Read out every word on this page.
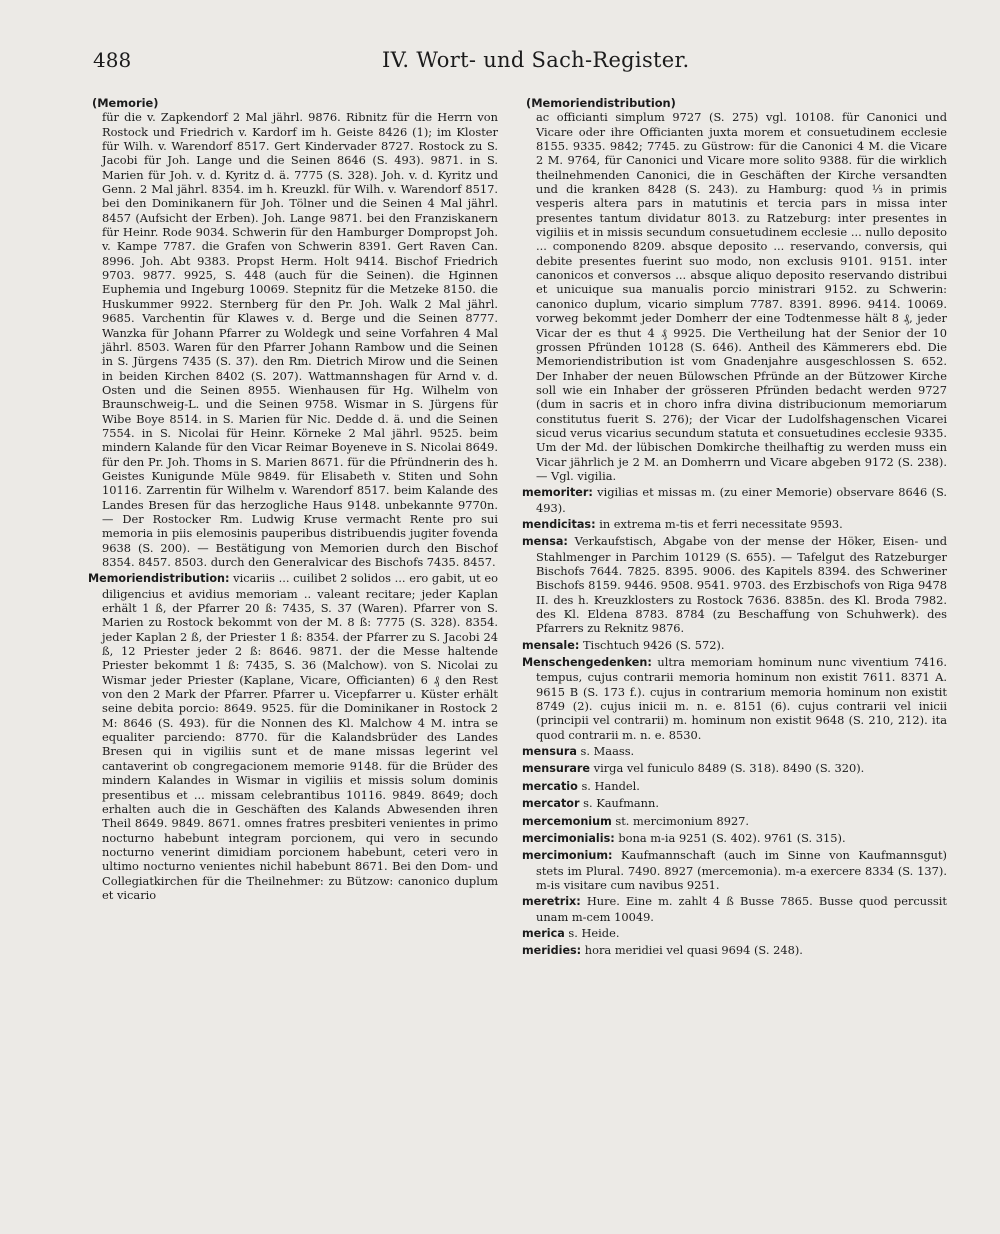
488	IV. Wort- und Sach-Register.
(Memorie)

für die v. Zapkendorf 2 Mal jährl. 9876. Ribnitz für die Herrn von Rostock und Friedrich v. Kardorf im h. Geiste 8426 (1); im Kloster für Wilh. v. Warendorf 8517. Gert Kindervader 8727. Rostock zu S. Jacobi für Joh. Lange und die Seinen 8646 (S. 493). 9871. in S. Marien für Joh. v. d. Kyritz d. ä. 7775 (S. 328). Joh. v. d. Kyritz und Genn. 2 Mal jährl. 8354. im h. Kreuzkl. für Wilh. v. Warendorf 8517. bei den Dominikanern für Joh. Tölner und die Seinen 4 Mal jährl. 8457 (Aufsicht der Erben). Joh. Lange 9871. bei den Franziskanern für Heinr. Rode 9034. Schwerin für den Hamburger Dompropst Joh. v. Kampe 7787. die Grafen von Schwerin 8391. Gert Raven Can. 8996. Joh. Abt 9383. Propst Herm. Holt 9414. Bischof Friedrich 9703. 9877. 9925, S. 448 (auch für die Seinen). die Hginnen Euphemia und Ingeburg 10069. Stepnitz für die Metzeke 8150. die Huskummer 9922. Sternberg für den Pr. Joh. Walk 2 Mal jährl. 9685. Varchentin für Klawes v. d. Berge und die Seinen 8777. Wanzka für Johann Pfarrer zu Woldegk und seine Vorfahren 4 Mal jährl. 8503. Waren für den Pfarrer Johann Rambow und die Seinen in S. Jürgens 7435 (S. 37). den Rm. Dietrich Mirow und die Seinen in beiden Kirchen 8402 (S. 207). Wattmannshagen für Arnd v. d. Osten und die Seinen 8955. Wienhausen für Hg. Wilhelm von Braunschweig-L. und die Seinen 9758. Wismar in S. Jürgens für Wibe Boye 8514. in S. Marien für Nic. Dedde d. ä. und die Seinen 7554. in S. Nicolai für Heinr. Körneke 2 Mal jährl. 9525. beim mindern Kalande für den Vicar Reimar Boyeneve in S. Nicolai 8649. für den Pr. Joh. Thoms in S. Marien 8671. für die Pfründnerin des h. Geistes Kunigunde Müle 9849. für Elisabeth v. Stiten und Sohn 10116. Zarrentin für Wilhelm v. Warendorf 8517. beim Kalande des Landes Bresen für das herzogliche Haus 9148. unbekannte 9770n. — Der Rostocker Rm. Ludwig Kruse vermacht Rente pro sui memoria in piis elemosinis pauperibus distribuendis jugiter fovenda 9638 (S. 200). — Bestätigung von Memorien durch den Bischof 8354. 8457. 8503. durch den Generalvicar des Bischofs 7435. 8457.

Memoriendistribution: vicariis ... cuilibet 2 solidos ... ero gabit, ut eo diligencius et avidius memoriam .. valeant recitare; jeder Kaplan erhält 1 ß, der Pfarrer 20 ß: 7435, S. 37 (Waren). Pfarrer von S. Marien zu Rostock bekommt von der M. 8 ß: 7775 (S. 328). 8354. jeder Kaplan 2 ß, der Priester 1 ß: 8354. der Pfarrer zu S. Jacobi 24 ß, 12 Priester jeder 2 ß: 8646. 9871. der die Messe haltende Priester bekommt 1 ß: 7435, S. 36 (Malchow). von S. Nicolai zu Wismar jeder Priester (Kaplane, Vicare, Officianten) 6 ₰ den Rest von den 2 Mark der Pfarrer. Pfarrer u. Vicepfarrer u. Küster erhält seine debita porcio: 8649. 9525. für die Dominikaner in Rostock 2 M: 8646 (S. 493). für die Nonnen des Kl. Malchow 4 M. intra se equaliter parciendo: 8770. für die Kalandsbrüder des Landes Bresen qui in vigiliis sunt et de mane missas legerint vel cantaverint ob congregacionem memorie 9148. für die Brüder des mindern Kalandes in Wismar in vigiliis et missis solum dominis presentibus et ... missam celebrantibus 10116. 9849. 8649; doch erhalten auch die in Geschäften des Kalands Abwesenden ihren Theil 8649. 9849. 8671. omnes fratres presbiteri venientes in primo nocturno habebunt integram porcionem, qui vero in secundo nocturno venerint dimidiam porcionem habebunt, ceteri vero in ultimo nocturno venientes nichil habebunt 8671. Bei den Dom- und Collegiatkirchen für die Theilnehmer: zu Bützow: canonico duplum et vicario

(Memoriendistribution)

ac officianti simplum 9727 (S. 275) vgl. 10108. für Canonici und Vicare oder ihre Officianten juxta morem et consuetudinem ecclesie 8155. 9335. 9842; 7745. zu Güstrow: für die Canonici 4 M. die Vicare 2 M. 9764, für Canonici und Vicare more solito 9388. für die wirklich theilnehmenden Canonici, die in Geschäften der Kirche versandten und die kranken 8428 (S. 243). zu Hamburg: quod ⅓ in primis vesperis altera pars in matutinis et tercia pars in missa inter presentes tantum dividatur 8013. zu Ratzeburg: inter presentes in vigiliis et in missis secundum consuetudinem ecclesie ... nullo deposito ... componendo 8209. absque deposito ... reservando, conversis, qui debite presentes fuerint suo modo, non exclusis 9101. 9151. inter canonicos et conversos ... absque aliquo deposito reservando distribui et unicuique sua manualis porcio ministrari 9152. zu Schwerin: canonico duplum, vicario simplum 7787. 8391. 8996. 9414. 10069. vorweg bekommt jeder Domherr der eine Todtenmesse hält 8 ₰, jeder Vicar der es thut 4 ₰ 9925. Die Vertheilung hat der Senior der 10 grossen Pfründen 10128 (S. 646). Antheil des Kämmerers ebd. Die Memoriendistribution ist vom Gnadenjahre ausgeschlossen S. 652. Der Inhaber der neuen Bülowschen Pfründe an der Bützower Kirche soll wie ein Inhaber der grösseren Pfründen bedacht werden 9727 (dum in sacris et in choro infra divina distribucionum memoriarum constitutus fuerit S. 276); der Vicar der Ludolfshagenschen Vicarei sicud verus vicarius secundum statuta et consuetudines ecclesie 9335. Um der Md. der lübischen Domkirche theilhaftig zu werden muss ein Vicar jährlich je 2 M. an Domherrn und Vicare abgeben 9172 (S. 238). — Vgl. vigilia.

memoriter: vigilias et missas m. (zu einer Memorie) observare 8646 (S. 493).

mendicitas: in extrema m-tis et ferri necessitate 9593.

mensa: Verkaufstisch, Abgabe von der mense der Höker, Eisen- und Stahlmenger in Parchim 10129 (S. 655). — Tafelgut des Ratzeburger Bischofs 7644. 7825. 8395. 9006. des Kapitels 8394. des Schweriner Bischofs 8159. 9446. 9508. 9541. 9703. des Erzbischofs von Riga 9478 II. des h. Kreuzklosters zu Rostock 7636. 8385n. des Kl. Broda 7982. des Kl. Eldena 8783. 8784 (zu Beschaffung von Schuhwerk). des Pfarrers zu Reknitz 9876.

mensale: Tischtuch 9426 (S. 572).

Menschengedenken: ultra memoriam hominum nunc viventium 7416. tempus, cujus contrarii memoria hominum non existit 7611. 8371 A. 9615 B (S. 173 f.). cujus in contrarium memoria hominum non existit 8749 (2). cujus inicii m. n. e. 8151 (6). cujus contrarii vel inicii (principii vel contrarii) m. hominum non existit 9648 (S. 210, 212). ita quod contrarii m. n. e. 8530.

mensura s. Maass.

mensurare virga vel funiculo 8489 (S. 318). 8490 (S. 320).

mercatio s. Handel.

mercator s. Kaufmann.

mercemonium st. mercimonium 8927.

mercimonialis: bona m-ia 9251 (S. 402). 9761 (S. 315).

mercimonium: Kaufmannschaft (auch im Sinne von Kaufmannsgut) stets im Plural. 7490. 8927 (mercemonia). m-a exercere 8334 (S. 137). m-is visitare cum navibus 9251.

meretrix: Hure. Eine m. zahlt 4 ß Busse 7865. Busse quod percussit unam m-cem 10049.

merica s. Heide.

meridies: hora meridiei vel quasi 9694 (S. 248).
